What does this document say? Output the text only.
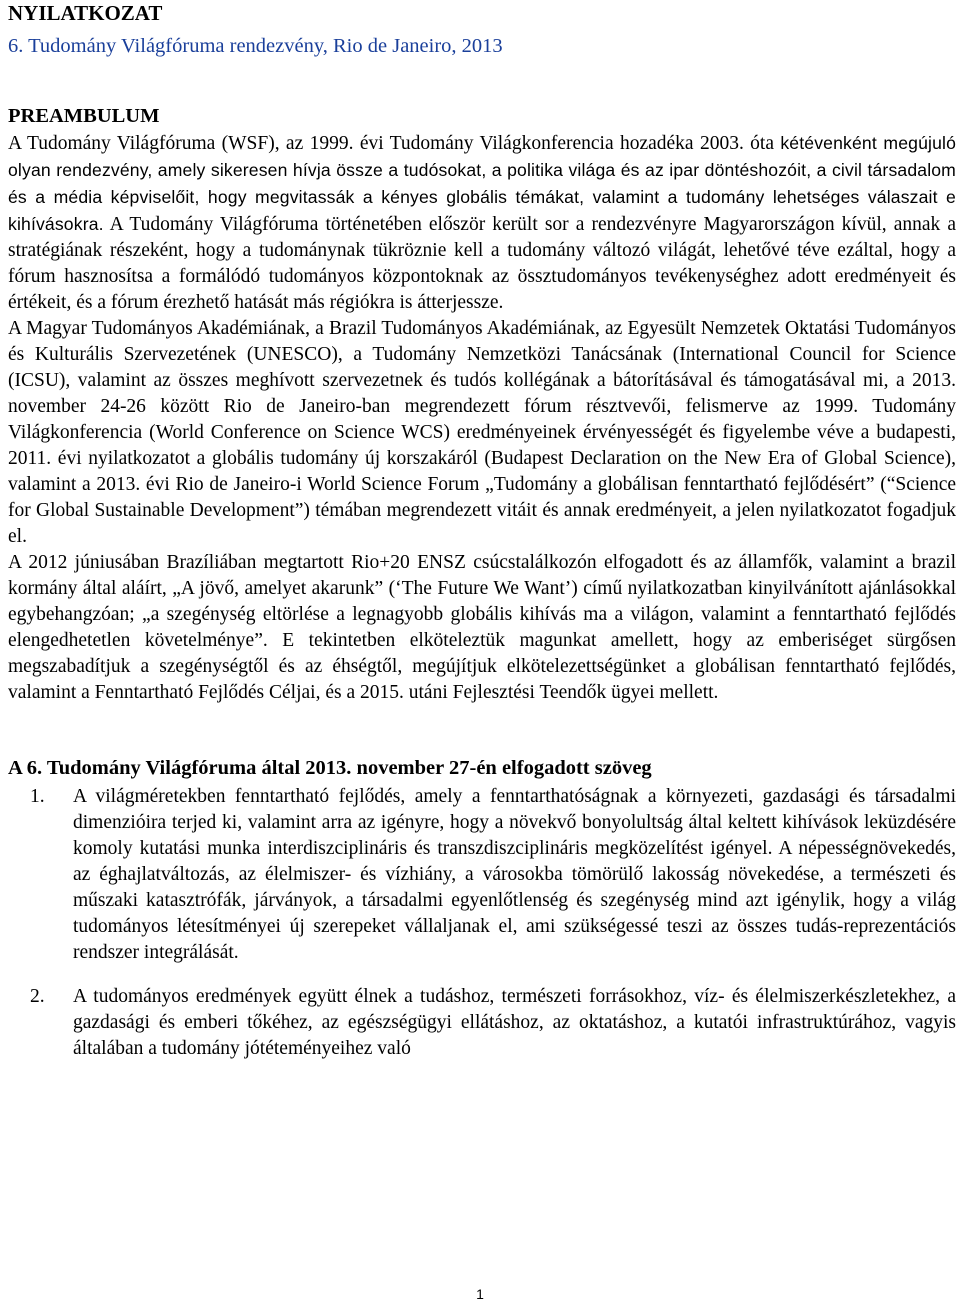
NYILATKOZAT
6. Tudomány Világfóruma rendezvény, Rio de Janeiro, 2013
PREAMBULUM

A Tudomány Világfóruma (WSF), az 1999. évi Tudomány Világkonferencia hozadéka 2003. óta kétévenként megújuló olyan rendezvény, amely sikeresen hívja össze a tudósokat, a politika világa és az ipar döntéshozóit, a civil társadalom és a média képviselőit, hogy megvitassák a kényes globális témákat, valamint a tudomány lehetséges válaszait e kihívásokra. A Tudomány Világfóruma történetében először került sor a rendezvényre Magyarországon kívül, annak a stratégiának részeként, hogy a tudománynak tükröznie kell a tudomány változó világát, lehetővé téve ezáltal, hogy a fórum hasznosítsa a formálódó tudományos központoknak az össztudományos tevékenységhez adott eredményeit és értékeit, és a fórum érezhető hatását más régiókra is átterjessze.

A Magyar Tudományos Akadémiának, a Brazil Tudományos Akadémiának, az Egyesült Nemzetek Oktatási Tudományos és Kulturális Szervezetének (UNESCO), a Tudomány Nemzetközi Tanácsának (International Council for Science (ICSU), valamint az összes meghívott szervezetnek és tudós kollégának a bátorításával és támogatásával mi, a 2013. november 24-26 között Rio de Janeiro-ban megrendezett fórum résztvevői, felismerve az 1999. Tudomány Világkonferencia (World Conference on Science WCS) eredményeinek érvényességét és figyelembe véve a budapesti, 2011. évi nyilatkozatot a globális tudomány új korszakáról (Budapest Declaration on the New Era of Global Science), valamint a 2013. évi Rio de Janeiro-i World Science Forum „Tudomány a globálisan fenntartható fejlődésért” (“Science for Global Sustainable Development”) témában megrendezett vitáit és annak eredményeit, a jelen nyilatkozatot fogadjuk el.

A 2012 júniusában Brazíliában megtartott Rio+20 ENSZ csúcstalálkozón elfogadott és az államfők, valamint a brazil kormány által aláírt, „A jövő, amelyet akarunk” (‘The Future We Want’) című nyilatkozatban kinyilvánított ajánlásokkal egybehangzóan; „a szegénység eltörlése a legnagyobb globális kihívás ma a világon, valamint a fenntartható fejlődés elengedhetetlen követelménye”. E tekintetben elköteleztük magunkat amellett, hogy az emberiséget sürgősen megszabadítjuk a szegénységtől és az éhségtől, megújítjuk elkötelezettségünket a globálisan fenntartható fejlődés, valamint a Fenntartható Fejlődés Céljai, és a 2015. utáni Fejlesztési Teendők ügyei mellett.

A 6. Tudomány Világfóruma által 2013. november 27-én elfogadott szöveg
1. A világméretekben fenntartható fejlődés, amely a fenntarthatóságnak a környezeti, gazdasági és társadalmi dimenzióira terjed ki, valamint arra az igényre, hogy a növekvő bonyolultság által keltett kihívások leküzdésére komoly kutatási munka interdiszciplináris és transzdiszciplináris megközelítést igényel. A népességnövekedés, az éghajlatváltozás, az élelmiszer- és vízhiány, a városokba tömörülő lakosság növekedése, a természeti és műszaki katasztrófák, járványok, a társadalmi egyenlőtlenség és szegénység mind azt igénylik, hogy a világ tudományos létesítményei új szerepeket vállaljanak el, ami szükségessé teszi az összes tudás-reprezentációs rendszer integrálását.
2. A tudományos eredmények együtt élnek a tudáshoz, természeti forrásokhoz, víz- és élelmiszerkészletekhez, a gazdasági és emberi tőkéhez, az egészségügyi ellátáshoz, az oktatáshoz, a kutatói infrastruktúrához, vagyis általában a tudomány jótéteményeihez való
1
